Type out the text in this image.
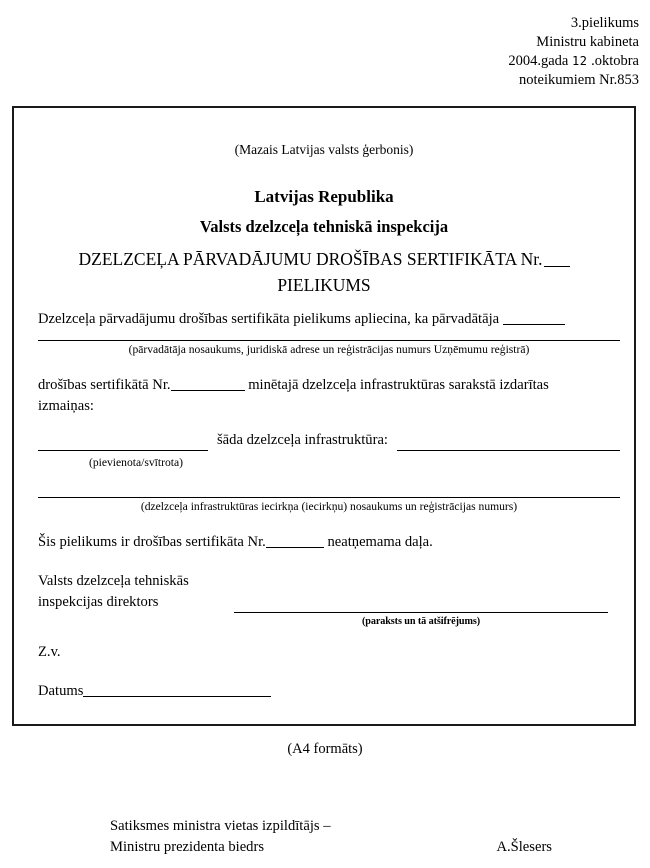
3.pielikums
Ministru kabineta
2004.gada 12 .oktobra
noteikumiem Nr.853
(Mazais Latvijas valsts ģerbonis)
Latvijas Republika
Valsts dzelzceļa tehniskā inspekcija
DZELZCEĻA PĀRVADĀJUMU DROŠĪBAS SERTIFIKĀTA Nr.
PIELIKUMS
Dzelzceļa pārvadājumu drošības sertifikāta pielikums apliecina, ka pārvadātāja
(pārvadātāja nosaukums, juridiskā adrese un reģistrācijas numurs Uzņēmumu reģistrā)
drošības sertifikātā Nr.	minētajā dzelzceļa infrastruktūras sarakstā izdarītas
izmaiņas:
šāda dzelzceļa infrastruktūra:
(pievienota/svītrota)
(dzelzceļa infrastruktūras iecirkņa (iecirkņu) nosaukums un reģistrācijas numurs)
Šis pielikums ir drošības sertifikāta Nr.	neatņemama daļa.
Valsts dzelzceļa tehniskās
inspekcijas direktors
(paraksts un tā atšifrējums)
Z.v.
Datums
(A4 formāts)
Satiksmes ministra vietas izpildītājs –
Ministru prezidenta biedrs	A.Šlesers
